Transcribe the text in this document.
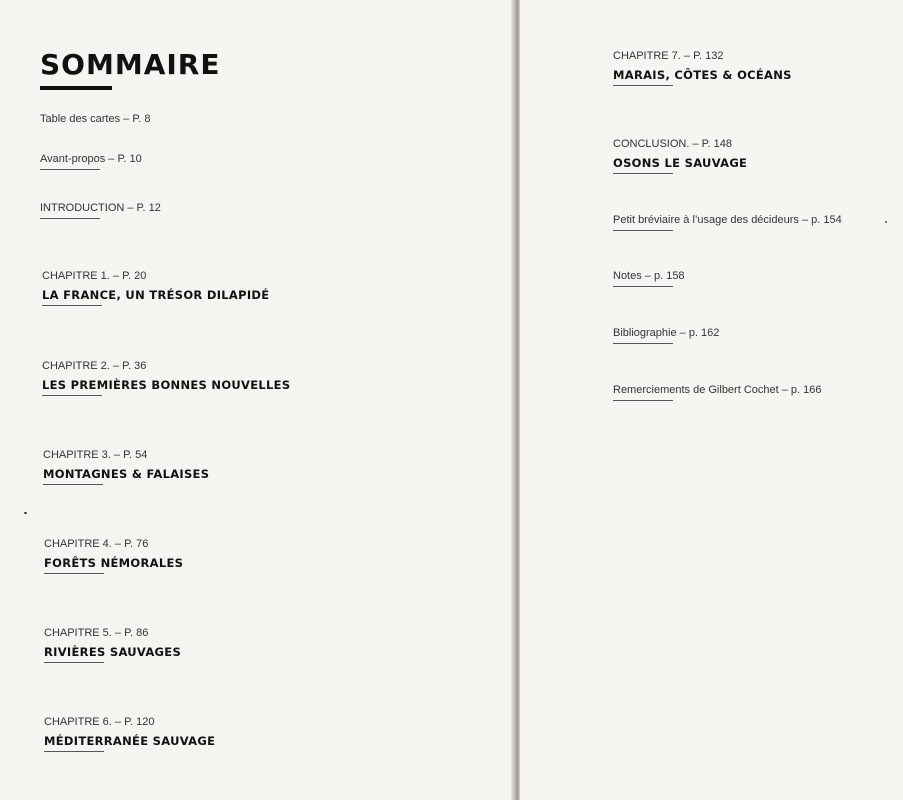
SOMMAIRE
Table des cartes – P. 8
Avant-propos – P. 10
INTRODUCTION – P. 12
CHAPITRE 1. – P. 20
LA FRANCE, UN TRÉSOR DILAPIDÉ
CHAPITRE 2. – P. 36
LES PREMIÈRES BONNES NOUVELLES
CHAPITRE 3. – P. 54
MONTAGNES & FALAISES
CHAPITRE 4. – P. 76
FORÊTS NÉMORALES
CHAPITRE 5. – P. 86
RIVIÈRES SAUVAGES
CHAPITRE 6. – P. 120
MÉDITERRANÉE SAUVAGE
CHAPITRE 7. – P. 132
MARAIS, CÔTES & OCÉANS
CONCLUSION. – P. 148
OSONS LE SAUVAGE
Petit bréviaire à l’usage des décideurs – p. 154
Notes – p. 158
Bibliographie – p. 162
Remerciements de Gilbert Cochet – p. 166
